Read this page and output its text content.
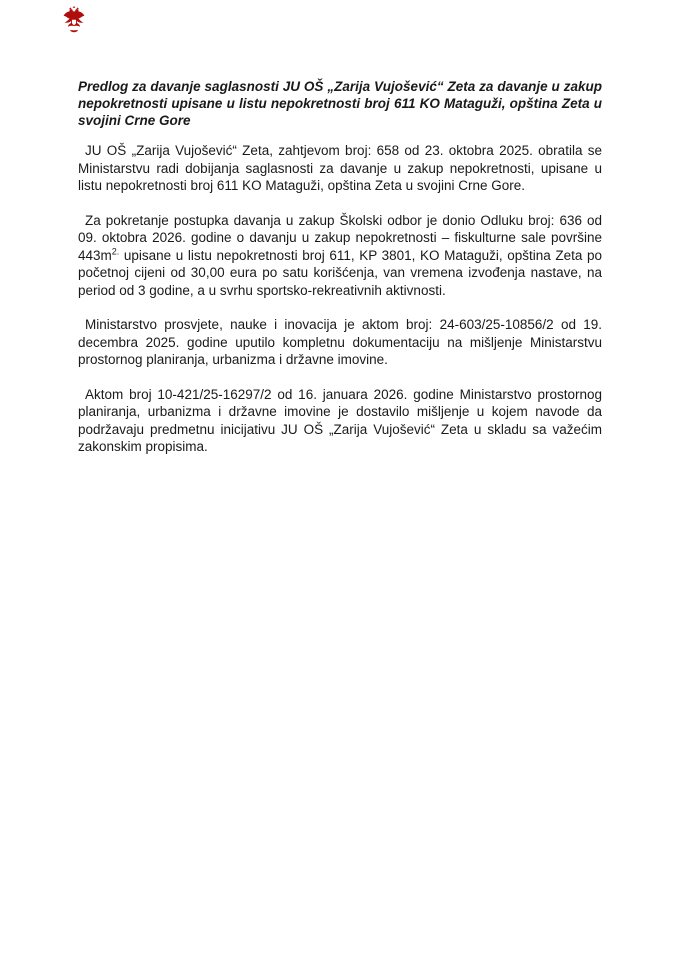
Predlog za davanje saglasnosti JU OŠ „Zarija Vujošević“ Zeta za davanje u zakup nepokretnosti upisane u listu nepokretnosti broj 611 KO Mataguži, opština Zeta u svojini Crne Gore

JU OŠ „Zarija Vujošević“ Zeta, zahtjevom broj: 658 od 23. oktobra 2025. obratila se Ministarstvu radi dobijanja saglasnosti za davanje u zakup nepokretnosti, upisane u listu nepokretnosti broj 611 KO Mataguži, opština Zeta u svojini Crne Gore.

Za pokretanje postupka davanja u zakup Školski odbor je donio Odluku broj: 636 od 09. oktobra 2026. godine o davanju u zakup nepokretnosti – fiskulturne sale površine $443m^{2.}$ upisane u listu nepokretnosti broj 611, KP 3801, KO Mataguži, opština Zeta po početnoj cijeni od 30,00 eura po satu korišćenja, van vremena izvođenja nastave, na period od 3 godine, a u svrhu sportsko-rekreativnih aktivnosti.

Ministarstvo prosvjete, nauke i inovacija je aktom broj: 24-603/25-10856/2 od 19. decembra 2025. godine uputilo kompletnu dokumentaciju na mišljenje Ministarstvu prostornog planiranja, urbanizma i državne imovine.

Aktom broj 10-421/25-16297/2 od 16. januara 2026. godine Ministarstvo prostornog planiranja, urbanizma i državne imovine je dostavilo mišljenje u kojem navode da podržavaju predmetnu inicijativu JU OŠ „Zarija Vujošević“ Zeta u skladu sa važećim zakonskim propisima.
